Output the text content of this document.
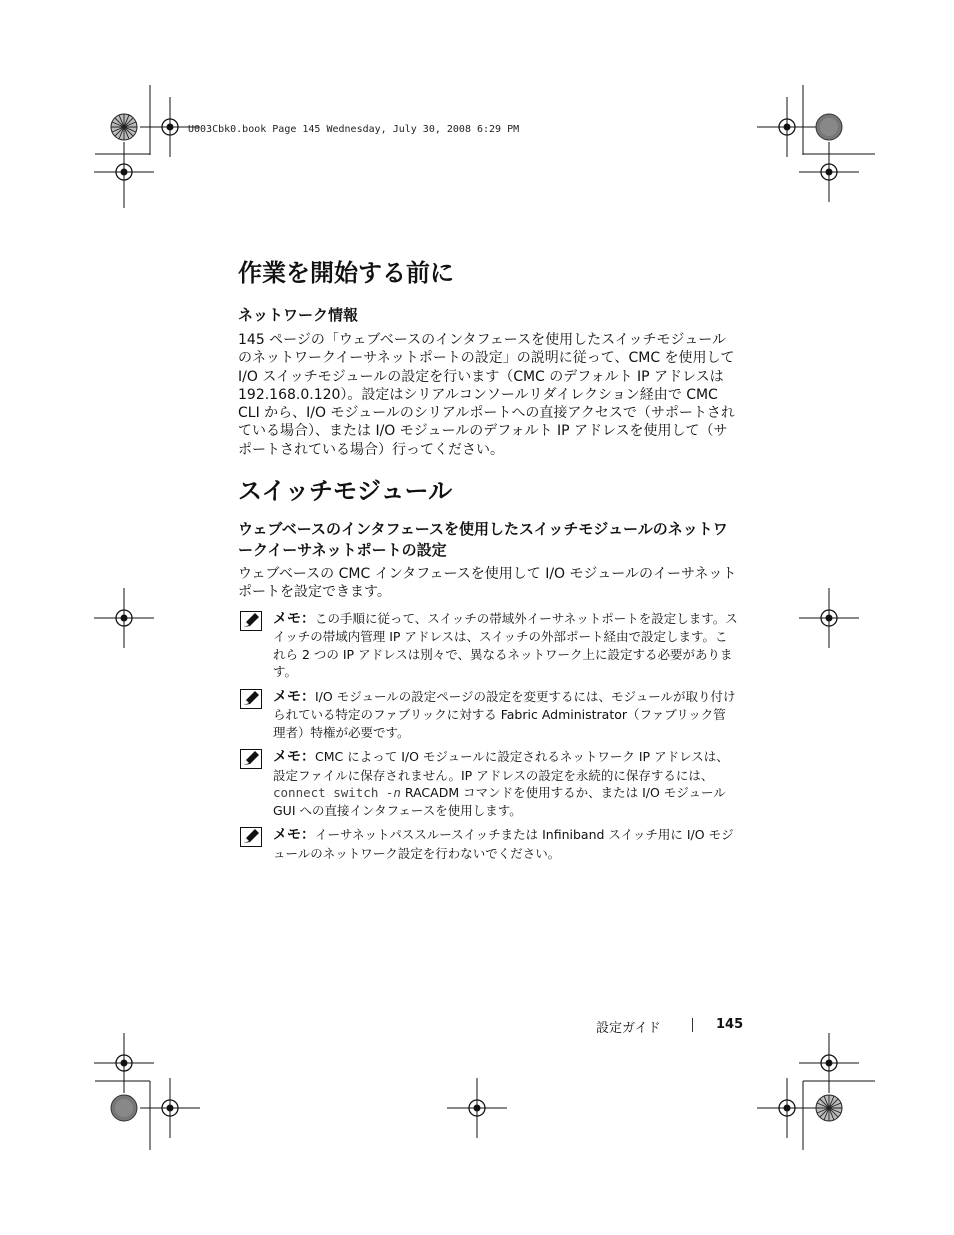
U003Cbk0.book Page 145 Wednesday, July 30, 2008 6:29 PM
作業を開始する前に
ネットワーク情報

145 ページの「ウェブベースのインタフェースを使用したスイッチモジュールのネットワークイーサネットポートの設定」の説明に従って、CMC を使用して I/O スイッチモジュールの設定を行います（CMC のデフォルト IP アドレスは 192.168.0.120）。設定はシリアルコンソールリダイレクション経由で CMC CLI から、I/O モジュールのシリアルポートへの直接アクセスで（サポートされている場合）、または I/O モジュールのデフォルト IP アドレスを使用して（サポートされている場合）行ってください。

スイッチモジュール
ウェブベースのインタフェースを使用したスイッチモジュールのネットワークイーサネットポートの設定

ウェブベースの CMC インタフェースを使用して I/O モジュールのイーサネットポートを設定できます。

メモ：この手順に従って、スイッチの帯域外イーサネットポートを設定します。スイッチの帯域内管理 IP アドレスは、スイッチの外部ポート経由で設定します。これら 2 つの IP アドレスは別々で、異なるネットワーク上に設定する必要があります。
メモ：I/O モジュールの設定ページの設定を変更するには、モジュールが取り付けられている特定のファブリックに対する Fabric Administrator（ファブリック管理者）特権が必要です。
メモ：CMC によって I/O モジュールに設定されるネットワーク IP アドレスは、設定ファイルに保存されません。IP アドレスの設定を永続的に保存するには、connect switch -n RACADM コマンドを使用するか、または I/O モジュール GUI への直接インタフェースを使用します。
メモ：イーサネットパススルースイッチまたは Infiniband スイッチ用に I/O モジュールのネットワーク設定を行わないでください。
設定ガイド	145
